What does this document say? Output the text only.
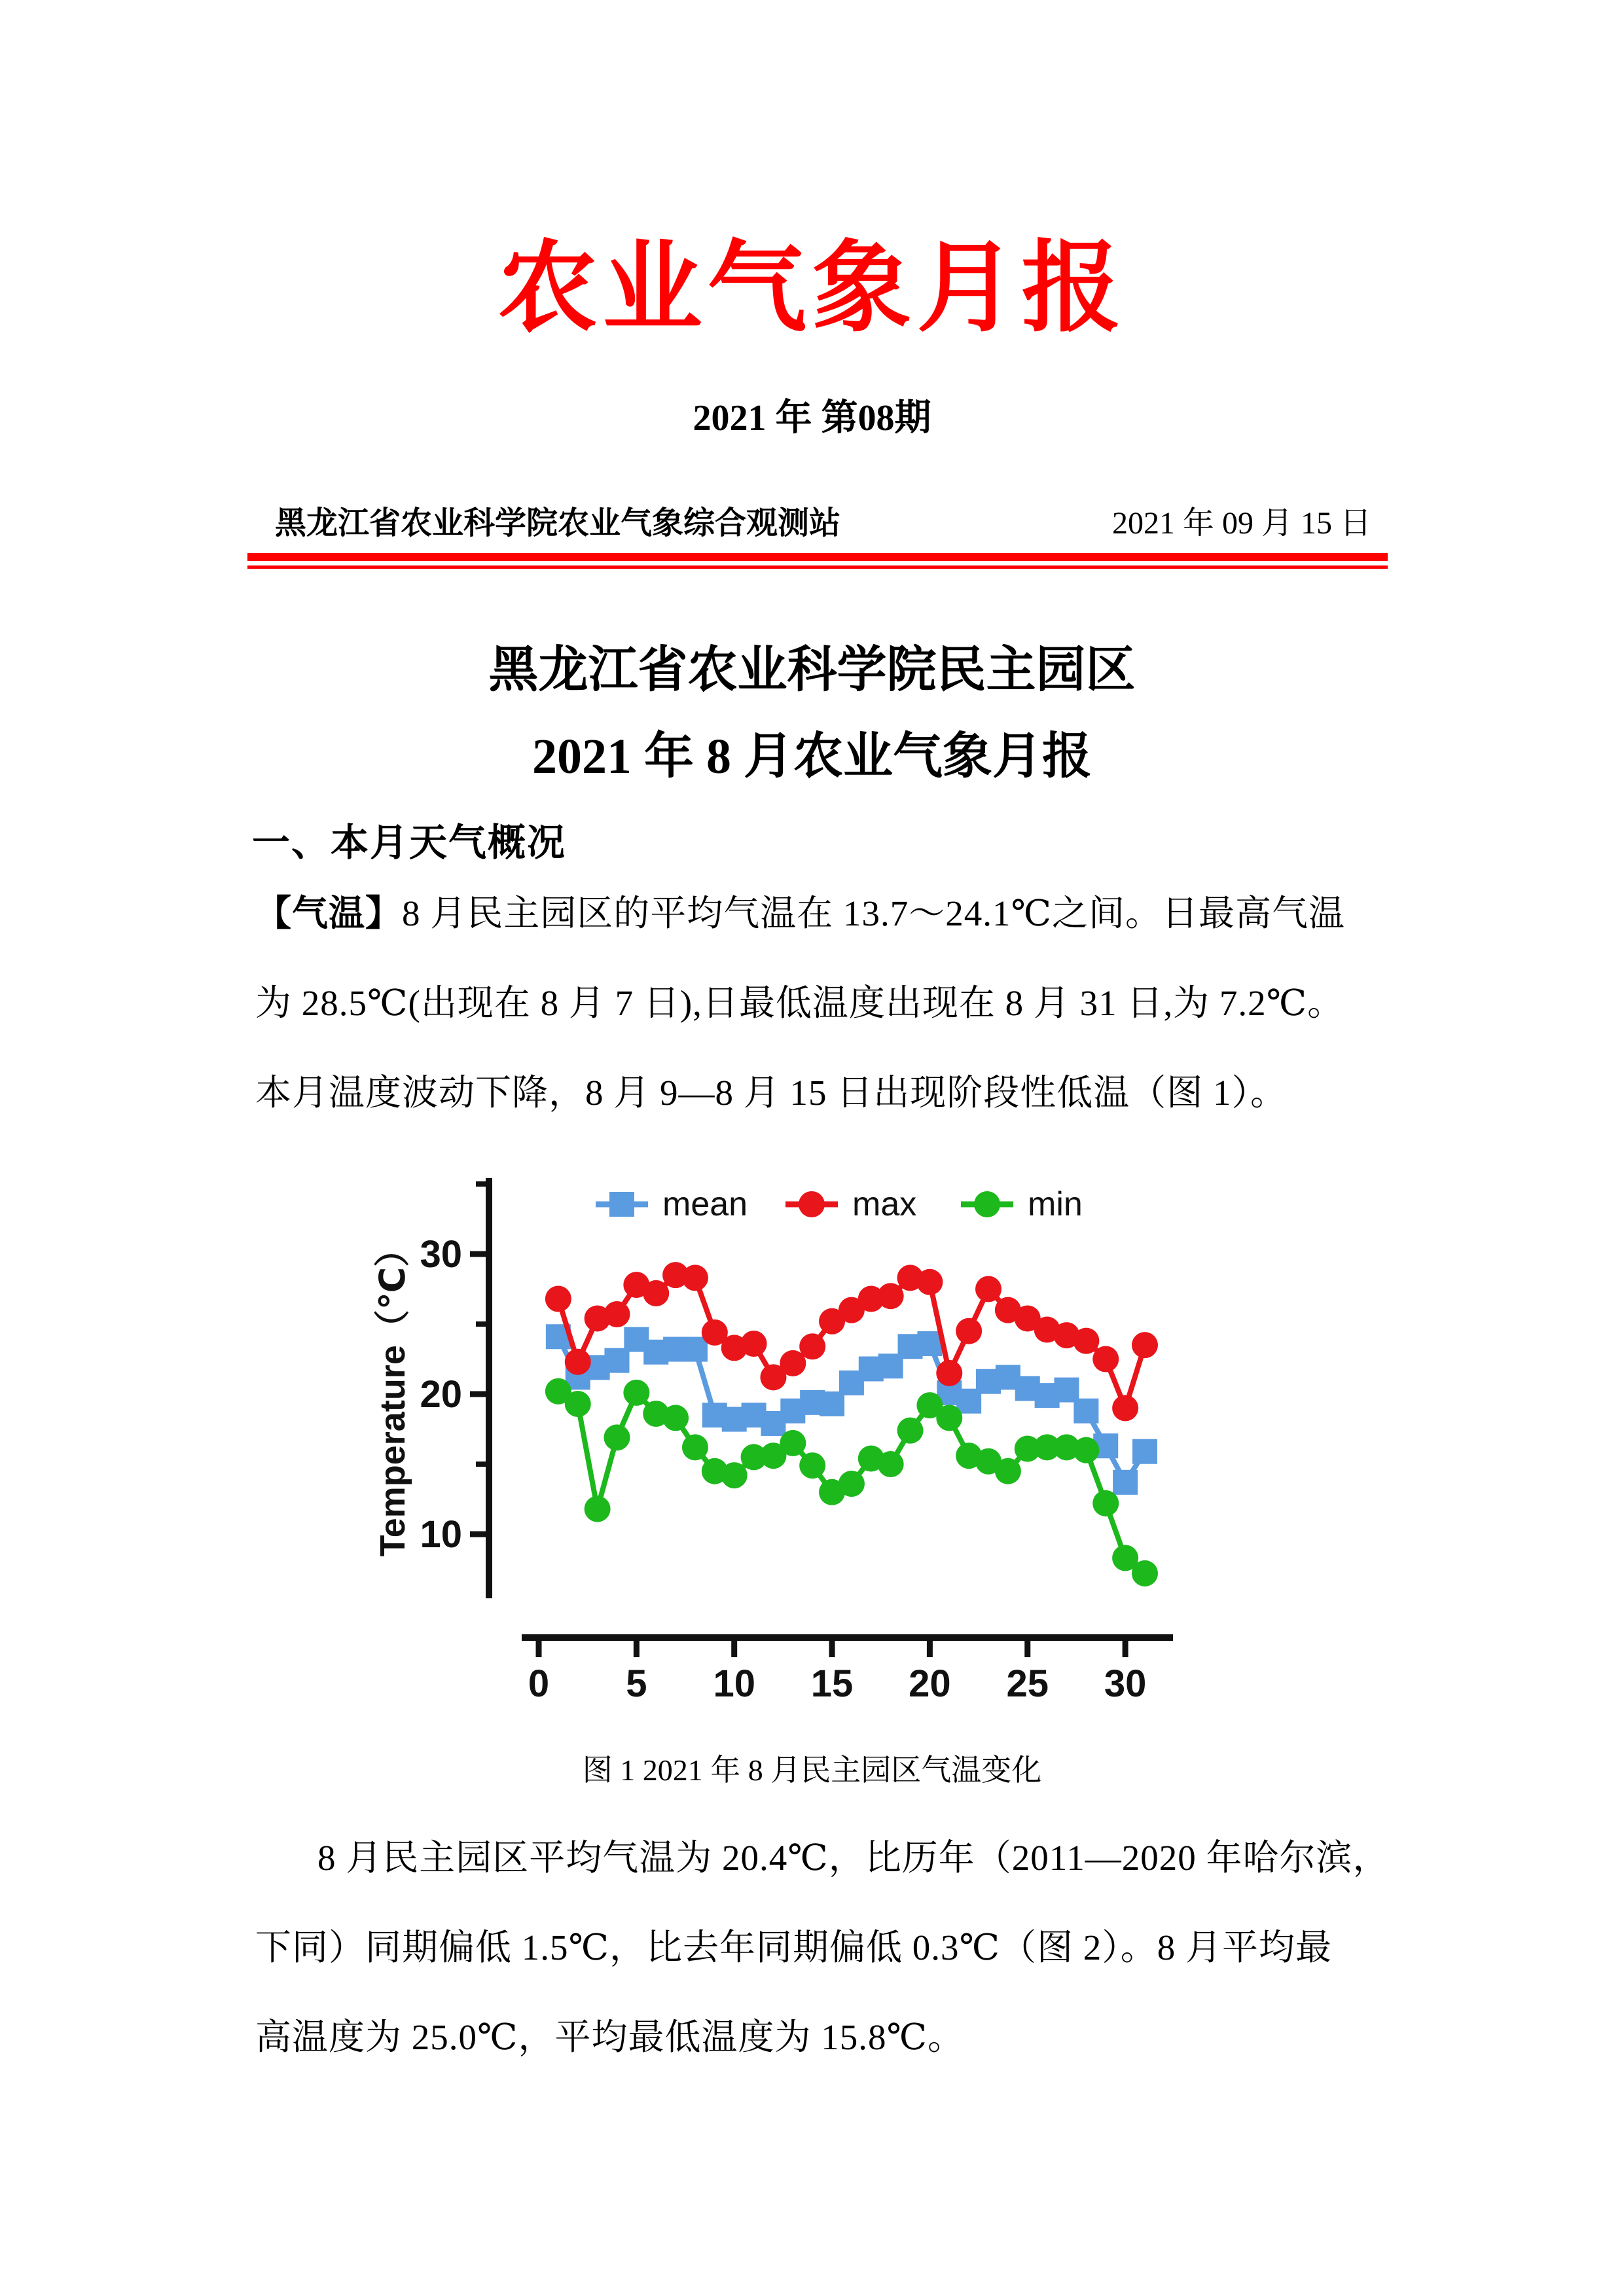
农业气象月报
2021 年 第08期
黑龙江省农业科学院农业气象综合观测站	2021 年 09 月 15 日
黑龙江省农业科学院民主园区
2021 年 8 月农业气象月报
一、本月天气概况
【气温】8 月民主园区的平均气温在 13.7～24.1℃之间。日最高气温
为 28.5℃(出现在 8 月 7 日),日最低温度出现在 8 月 31 日,为 7.2℃。
本月温度波动下降，8 月 9—8 月 15 日出现阶段性低温（图 1）。
10
20
30
Temperature（℃）
0 5 10 15 20 25 30
mean	max	min
图 1 2021 年 8 月民主园区气温变化
8 月民主园区平均气温为 20.4℃，比历年（2011—2020 年哈尔滨，
下同）同期偏低 1.5℃，比去年同期偏低 0.3℃（图 2）。8 月平均最
高温度为 25.0℃，平均最低温度为 15.8℃。
